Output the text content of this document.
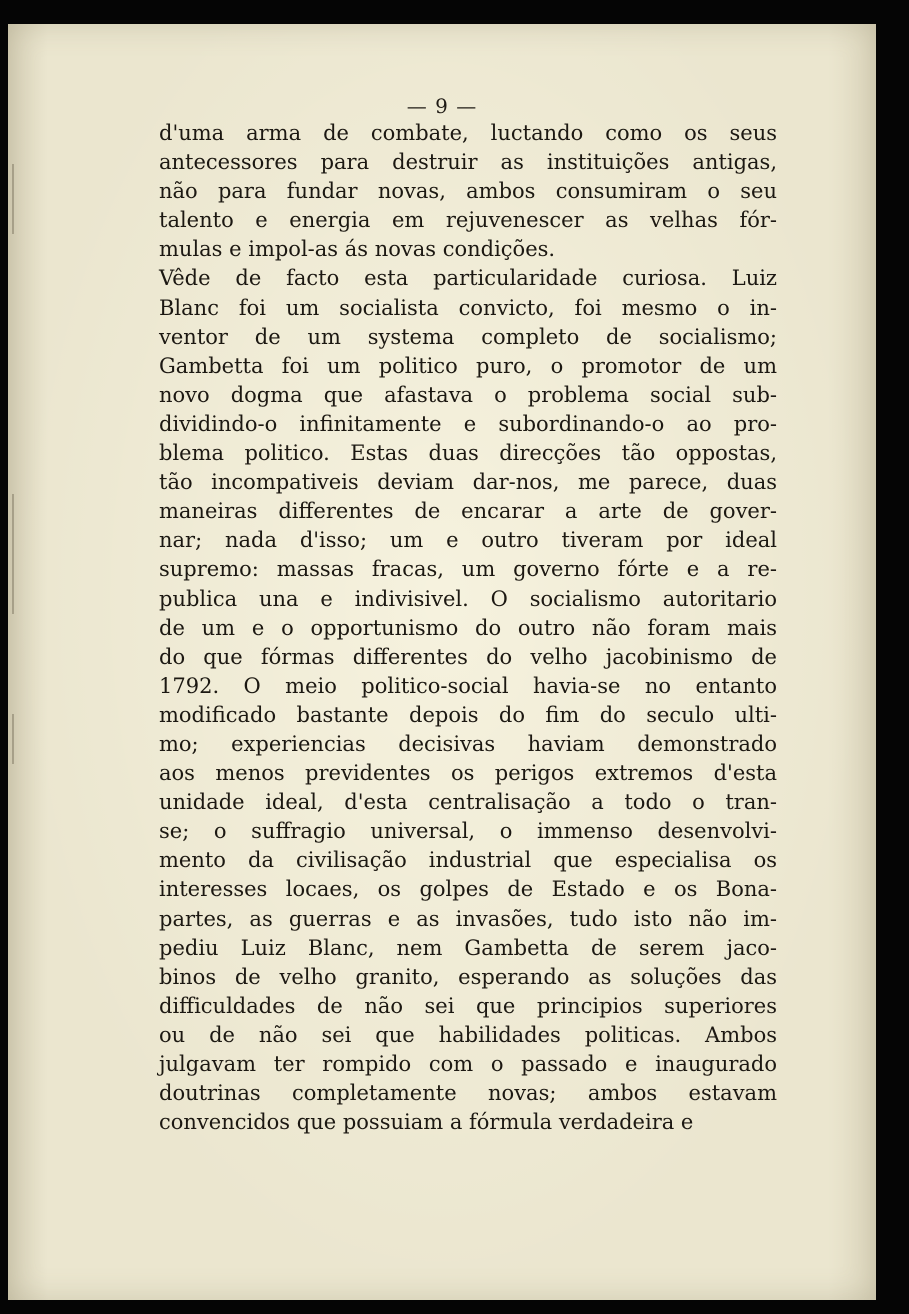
— 9 —

d'uma arma de combate, luctando como os seus
antecessores para destruir as instituições antigas,
não para fundar novas, ambos consumiram o seu
talento e energia em rejuvenescer as velhas fór-
mulas e impol-as ás novas condições.
Vêde de facto esta particularidade curiosa. Luiz
Blanc foi um socialista convicto, foi mesmo o in-
ventor de um systema completo de socialismo;
Gambetta foi um politico puro, o promotor de um
novo dogma que afastava o problema social sub-
dividindo-o infinitamente e subordinando-o ao pro-
blema politico. Estas duas direcções tão oppostas,
tão incompativeis deviam dar-nos, me parece, duas
maneiras differentes de encarar a arte de gover-
nar; nada d'isso; um e outro tiveram por ideal
supremo: massas fracas, um governo fórte e a re-
publica una e indivisivel. O socialismo autoritario
de um e o opportunismo do outro não foram mais
do que fórmas differentes do velho jacobinismo de
1792. O meio politico-social havia-se no entanto
modificado bastante depois do fim do seculo ulti-
mo; experiencias decisivas haviam demonstrado
aos menos previdentes os perigos extremos d'esta
unidade ideal, d'esta centralisação a todo o tran-
se; o suffragio universal, o immenso desenvolvi-
mento da civilisação industrial que especialisa os
interesses locaes, os golpes de Estado e os Bona-
partes, as guerras e as invasões, tudo isto não im-
pediu Luiz Blanc, nem Gambetta de serem jaco-
binos de velho granito, esperando as soluções das
difficuldades de não sei que principios superiores
ou de não sei que habilidades politicas. Ambos
julgavam ter rompido com o passado e inaugurado
doutrinas completamente novas; ambos estavam
convencidos que possuiam a fórmula verdadeira e
